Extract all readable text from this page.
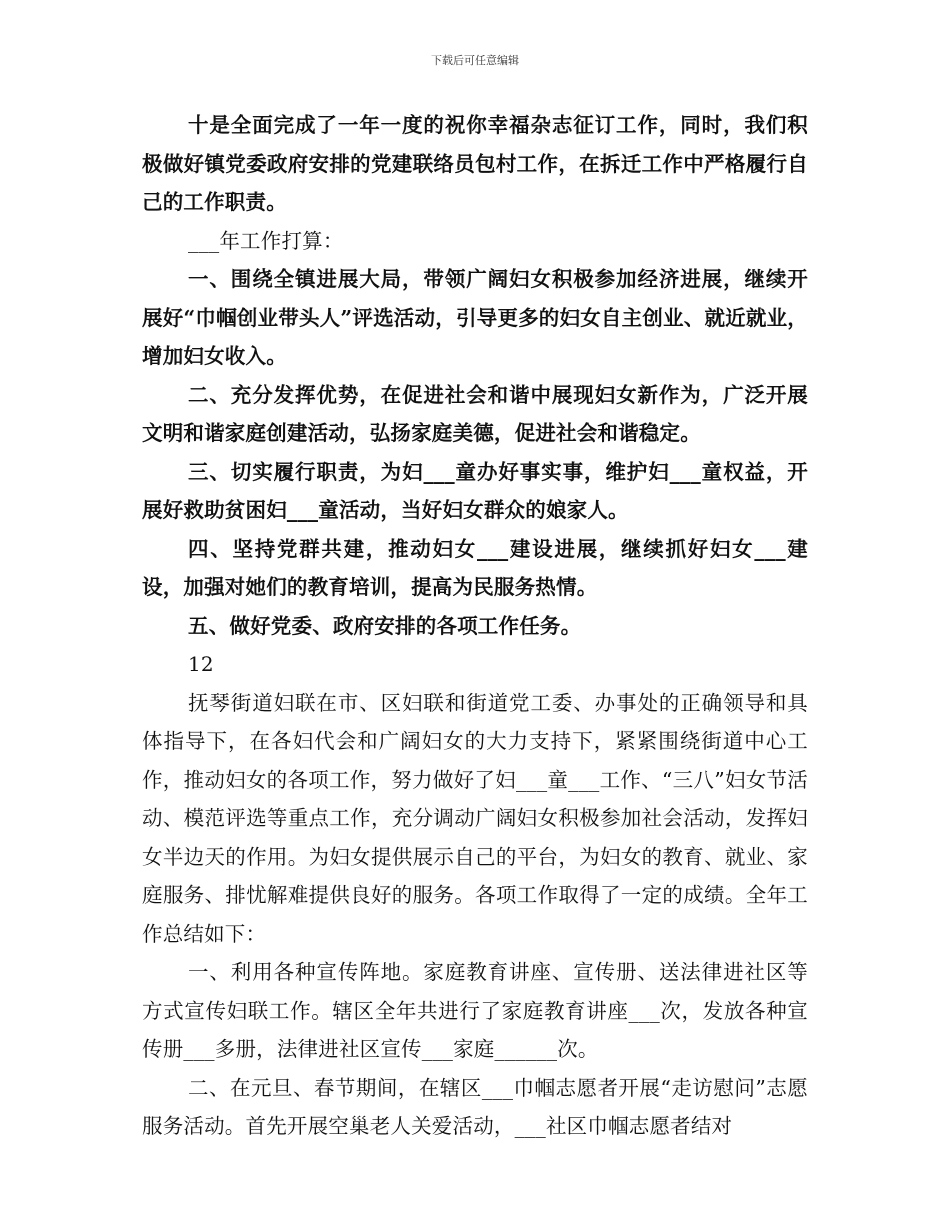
下载后可任意编辑

十是全面完成了一年一度的祝你幸福杂志征订工作，同时，我们积极做好镇党委政府安排的党建联络员包村工作，在拆迁工作中严格履行自己的工作职责。

___年工作打算：

一、围绕全镇进展大局，带领广阔妇女积极参加经济进展，继续开展好“巾帼创业带头人”评选活动，引导更多的妇女自主创业、就近就业，增加妇女收入。

二、充分发挥优势，在促进社会和谐中展现妇女新作为，广泛开展文明和谐家庭创建活动，弘扬家庭美德，促进社会和谐稳定。

三、切实履行职责，为妇___童办好事实事，维护妇___童权益，开展好救助贫困妇___童活动，当好妇女群众的娘家人。

四、坚持党群共建，推动妇女___建设进展，继续抓好妇女___建设，加强对她们的教育培训，提高为民服务热情。

五、做好党委、政府安排的各项工作任务。

12

抚琴街道妇联在市、区妇联和街道党工委、办事处的正确领导和具体指导下，在各妇代会和广阔妇女的大力支持下，紧紧围绕街道中心工作，推动妇女的各项工作，努力做好了妇___童___工作、“三八”妇女节活动、模范评选等重点工作，充分调动广阔妇女积极参加社会活动，发挥妇女半边天的作用。为妇女提供展示自己的平台，为妇女的教育、就业、家庭服务、排忧解难提供良好的服务。各项工作取得了一定的成绩。全年工作总结如下：

一、利用各种宣传阵地。家庭教育讲座、宣传册、送法律进社区等方式宣传妇联工作。辖区全年共进行了家庭教育讲座___次，发放各种宣传册___多册，法律进社区宣传___家庭______次。

二、在元旦、春节期间，在辖区___巾帼志愿者开展“走访慰问”志愿服务活动。首先开展空巢老人关爱活动，___社区巾帼志愿者结对
